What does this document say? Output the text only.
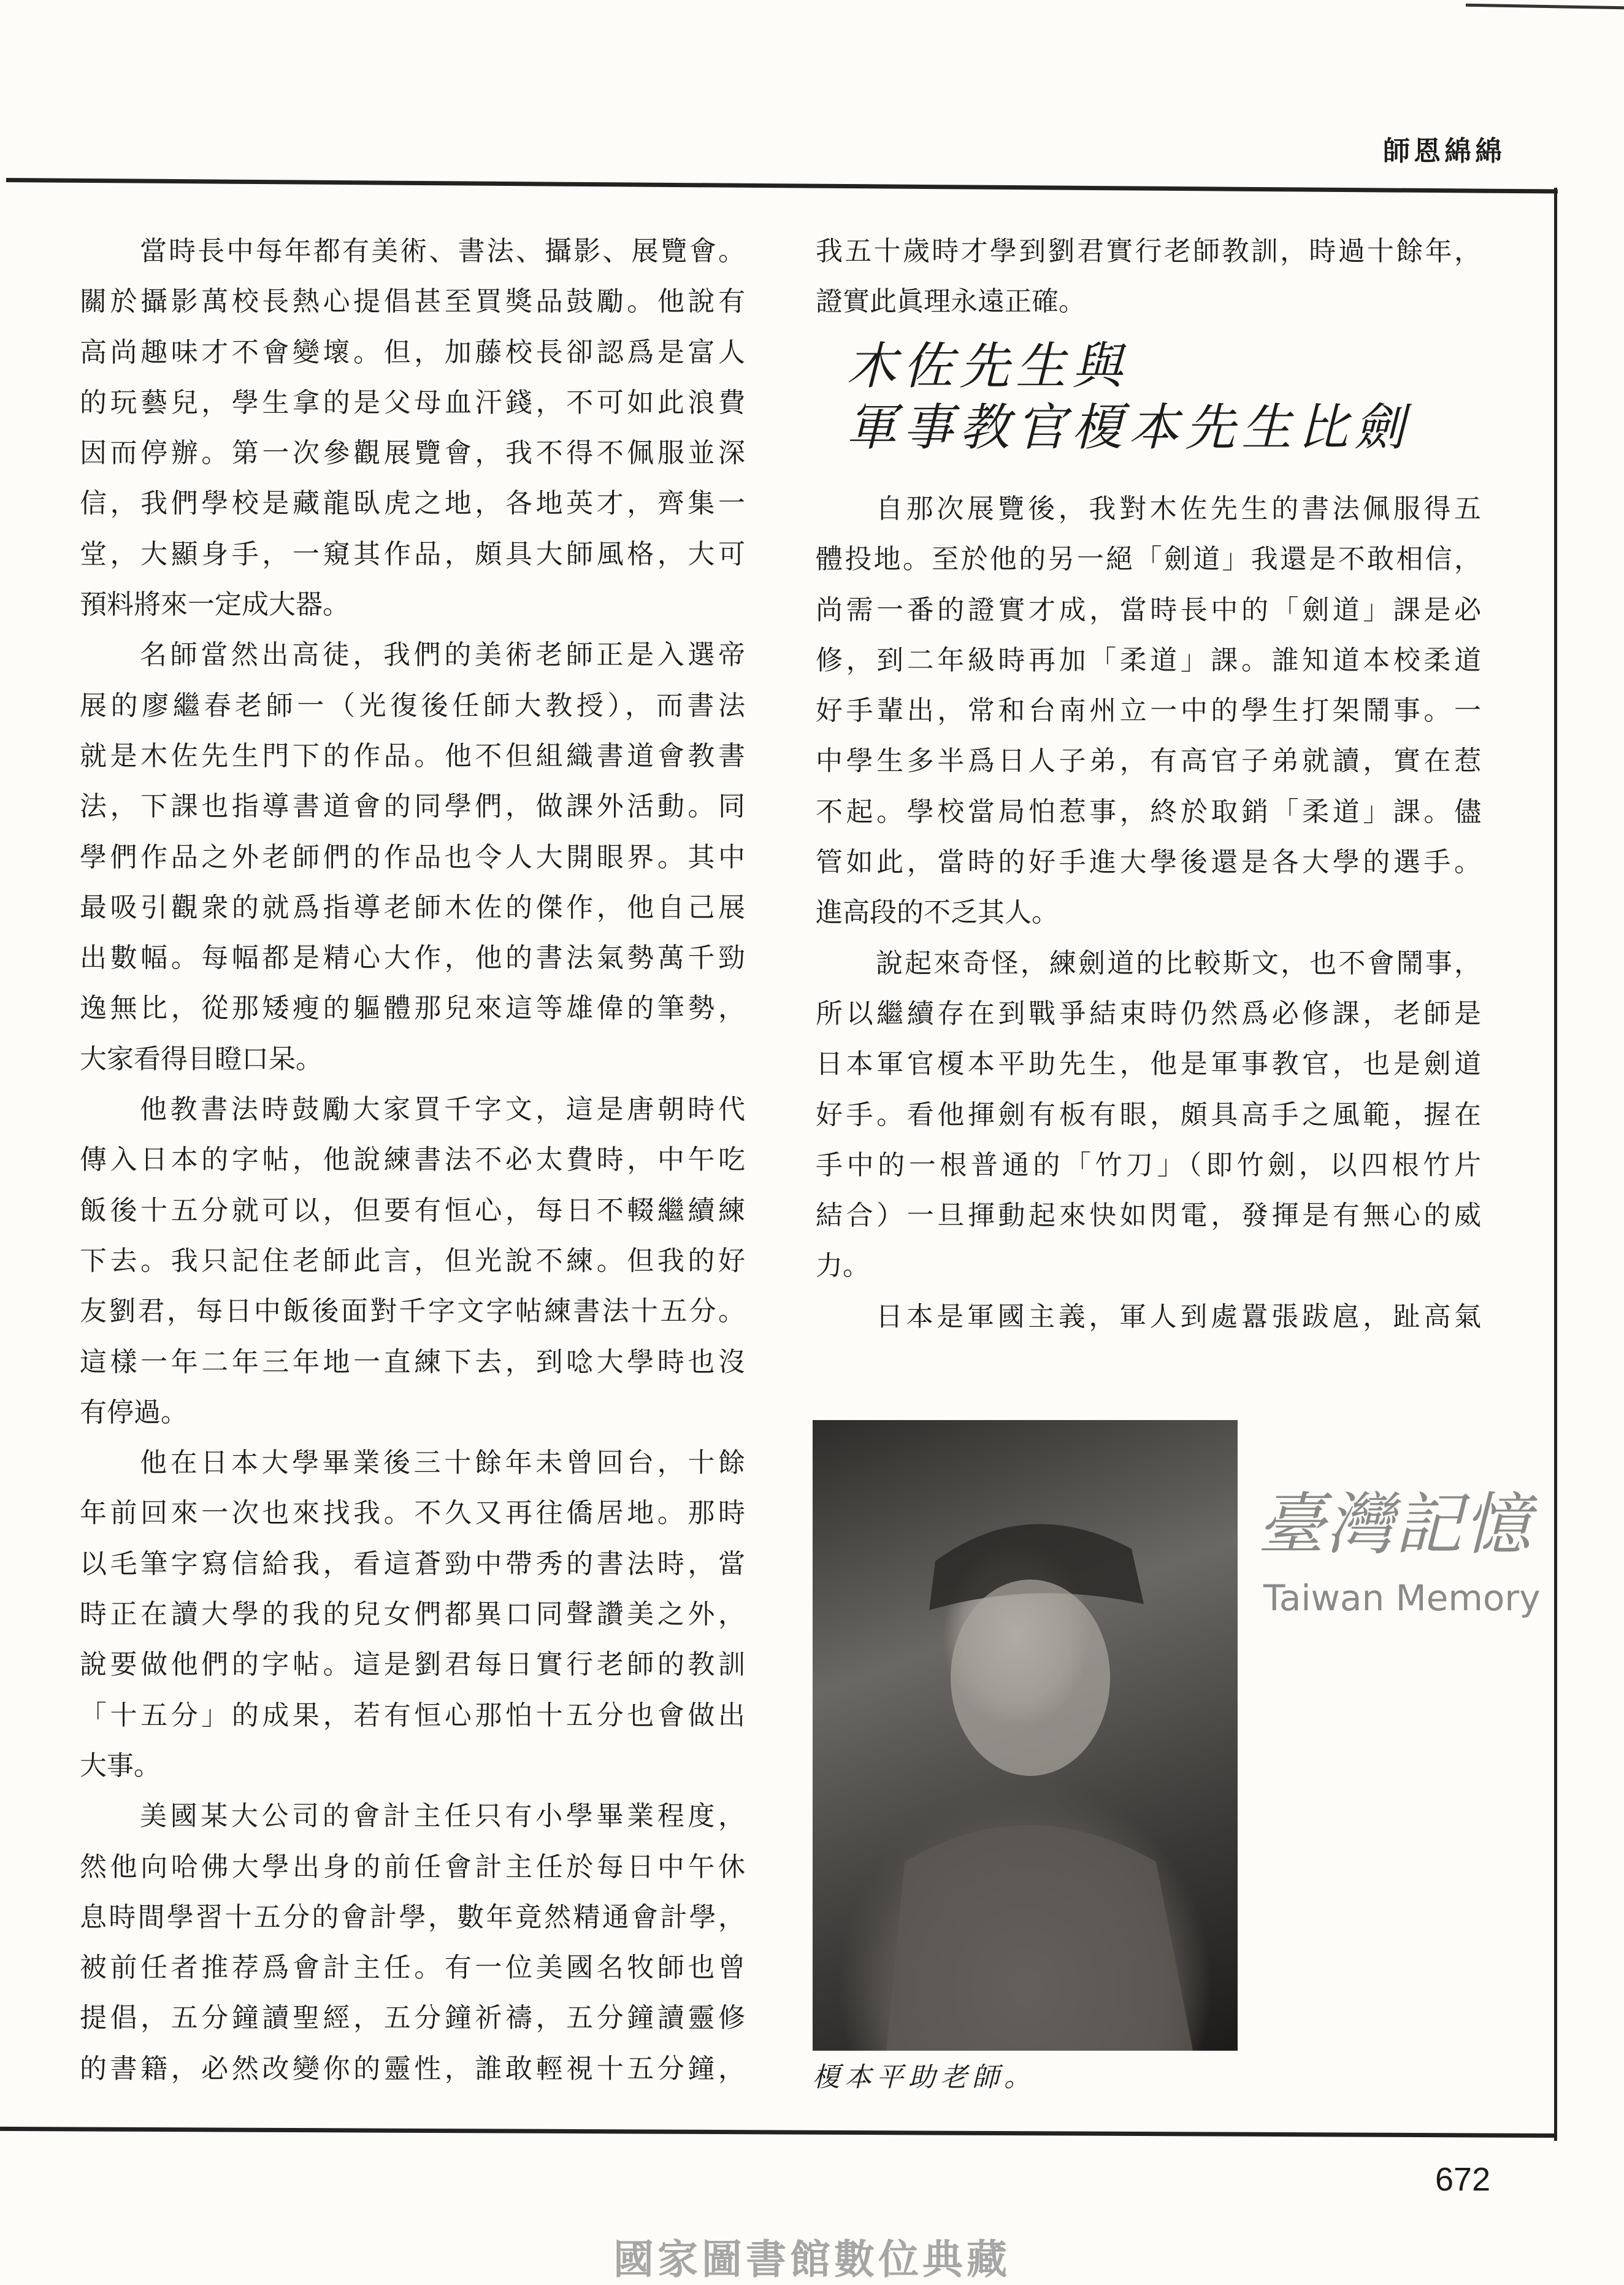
師恩綿綿
當時長中每年都有美術、書法、攝影、展覽會。
關於攝影萬校長熱心提倡甚至買獎品鼓勵。他說有
高尚趣味才不會變壞。但，加藤校長卻認爲是富人
的玩藝兒，學生拿的是父母血汗錢，不可如此浪費
因而停辦。第一次參觀展覽會，我不得不佩服並深
信，我們學校是藏龍臥虎之地，各地英才，齊集一
堂，大顯身手，一窺其作品，頗具大師風格，大可
預料將來一定成大器。
名師當然出高徒，我們的美術老師正是入選帝
展的廖繼春老師一（光復後任師大教授），而書法
就是木佐先生門下的作品。他不但組織書道會教書
法，下課也指導書道會的同學們，做課外活動。同
學們作品之外老師們的作品也令人大開眼界。其中
最吸引觀衆的就爲指導老師木佐的傑作，他自己展
出數幅。每幅都是精心大作，他的書法氣勢萬千勁
逸無比，從那矮瘦的軀體那兒來這等雄偉的筆勢，
大家看得目瞪口呆。
他教書法時鼓勵大家買千字文，這是唐朝時代
傳入日本的字帖，他說練書法不必太費時，中午吃
飯後十五分就可以，但要有恒心，每日不輟繼續練
下去。我只記住老師此言，但光說不練。但我的好
友劉君，每日中飯後面對千字文字帖練書法十五分。
這樣一年二年三年地一直練下去，到唸大學時也沒
有停過。
他在日本大學畢業後三十餘年未曾回台，十餘
年前回來一次也來找我。不久又再往僑居地。那時
以毛筆字寫信給我，看這蒼勁中帶秀的書法時，當
時正在讀大學的我的兒女們都異口同聲讚美之外，
說要做他們的字帖。這是劉君每日實行老師的教訓
「十五分」的成果，若有恒心那怕十五分也會做出
大事。
美國某大公司的會計主任只有小學畢業程度，
然他向哈佛大學出身的前任會計主任於每日中午休
息時間學習十五分的會計學，數年竟然精通會計學，
被前任者推荐爲會計主任。有一位美國名牧師也曾
提倡，五分鐘讀聖經，五分鐘祈禱，五分鐘讀靈修
的書籍，必然改變你的靈性，誰敢輕視十五分鐘，
我五十歲時才學到劉君實行老師教訓，時過十餘年，
證實此眞理永遠正確。
木佐先生與
軍事教官榎本先生比劍
自那次展覽後，我對木佐先生的書法佩服得五
體投地。至於他的另一絕「劍道」我還是不敢相信，
尚需一番的證實才成，當時長中的「劍道」課是必
修，到二年級時再加「柔道」課。誰知道本校柔道
好手輩出，常和台南州立一中的學生打架鬧事。一
中學生多半爲日人子弟，有高官子弟就讀，實在惹
不起。學校當局怕惹事，終於取銷「柔道」課。儘
管如此，當時的好手進大學後還是各大學的選手。
進高段的不乏其人。
說起來奇怪，練劍道的比較斯文，也不會鬧事，
所以繼續存在到戰爭結束時仍然爲必修課，老師是
日本軍官榎本平助先生，他是軍事教官，也是劍道
好手。看他揮劍有板有眼，頗具高手之風範，握在
手中的一根普通的「竹刀」（即竹劍，以四根竹片
結合）一旦揮動起來快如閃電，發揮是有無心的威
力。
日本是軍國主義，軍人到處囂張跋扈，趾高氣
榎本平助老師。
臺灣記憶
Taiwan Memory
672
國家圖書館數位典藏
